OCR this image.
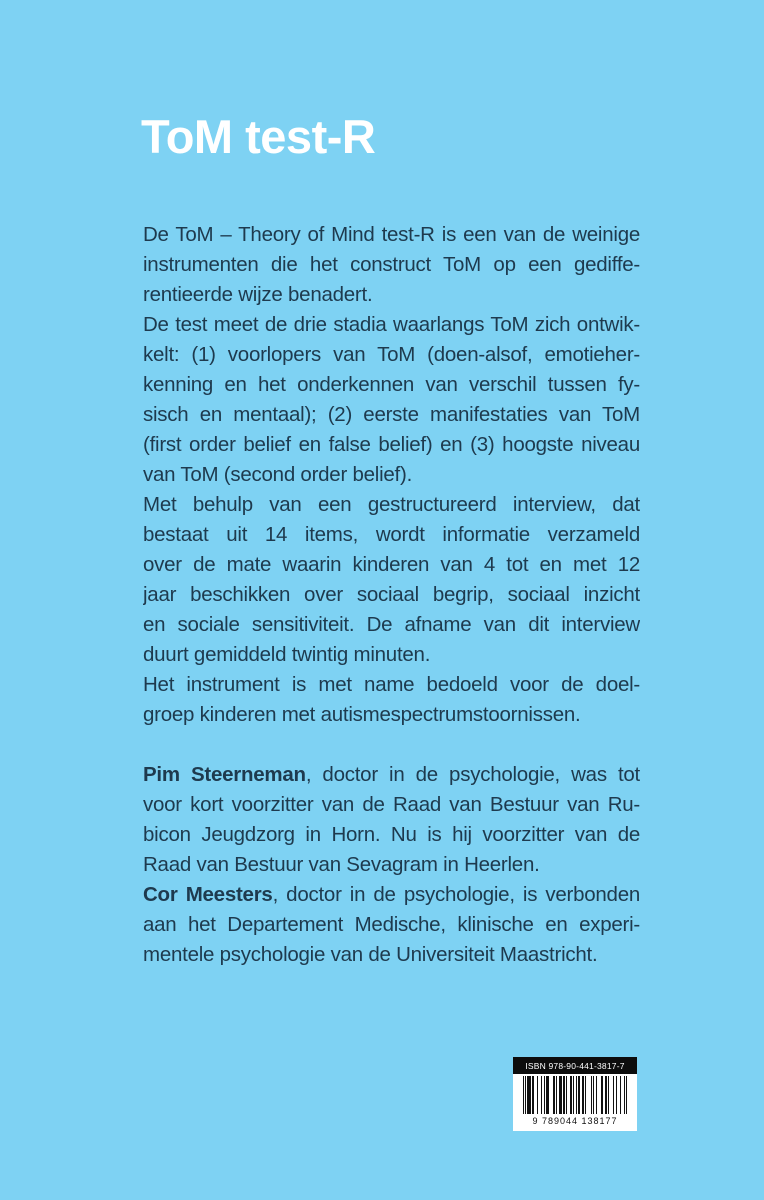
ToM test-R
De ToM – Theory of Mind test-R is een van de weinige
instrumenten die het construct ToM op een gediffe-
rentieerde wijze benadert.
De test meet de drie stadia waarlangs ToM zich ontwik-
kelt: (1) voorlopers van ToM (doen-alsof, emotieher-
kenning en het onderkennen van verschil tussen fy-
sisch en mentaal); (2) eerste manifestaties van ToM
(first order belief en false belief) en (3) hoogste niveau
van ToM (second order belief).
Met behulp van een gestructureerd interview, dat
bestaat uit 14 items, wordt informatie verzameld
over de mate waarin kinderen van 4 tot en met 12
jaar beschikken over sociaal begrip, sociaal inzicht
en sociale sensitiviteit. De afname van dit interview
duurt gemiddeld twintig minuten.
Het instrument is met name bedoeld voor de doel-
groep kinderen met autismespectrumstoornissen.
Pim Steerneman, doctor in de psychologie, was tot
voor kort voorzitter van de Raad van Bestuur van Ru-
bicon Jeugdzorg in Horn. Nu is hij voorzitter van de
Raad van Bestuur van Sevagram in Heerlen.
Cor Meesters, doctor in de psychologie, is verbonden
aan het Departement Medische, klinische en experi-
mentele psychologie van de Universiteit Maastricht.
ISBN 978-90-441-3817-7
9 789044 138177
